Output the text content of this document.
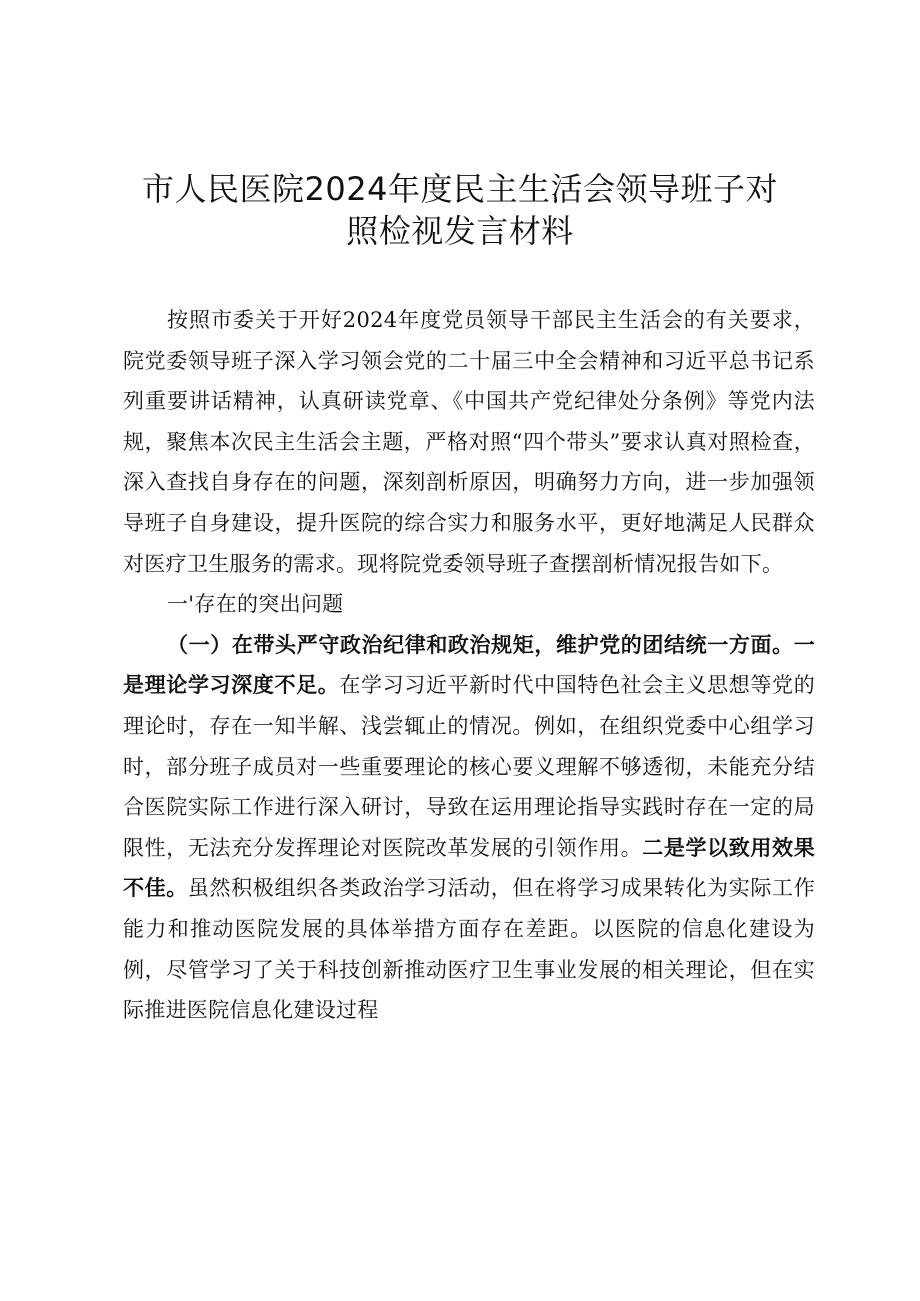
市人民医院2024年度民主生活会领导班子对
照检视发言材料

按照市委关于开好2024年度党员领导干部民主生活会的有关要求，院党委领导班子深入学习领会党的二十届三中全会精神和习近平总书记系列重要讲话精神，认真研读党章、《中国共产党纪律处分条例》等党内法规，聚焦本次民主生活会主题，严格对照“四个带头”要求认真对照检查，深入查找自身存在的问题，深刻剖析原因，明确努力方向，进一步加强领导班子自身建设，提升医院的综合实力和服务水平，更好地满足人民群众对医疗卫生服务的需求。现将院党委领导班子查摆剖析情况报告如下。

一'存在的突出问题

（一）在带头严守政治纪律和政治规矩，维护党的团结统一方面。一是理论学习深度不足。在学习习近平新时代中国特色社会主义思想等党的理论时，存在一知半解、浅尝辄止的情况。例如，在组织党委中心组学习时，部分班子成员对一些重要理论的核心要义理解不够透彻，未能充分结合医院实际工作进行深入研讨，导致在运用理论指导实践时存在一定的局限性，无法充分发挥理论对医院改革发展的引领作用。二是学以致用效果不佳。虽然积极组织各类政治学习活动，但在将学习成果转化为实际工作能力和推动医院发展的具体举措方面存在差距。以医院的信息化建设为例，尽管学习了关于科技创新推动医疗卫生事业发展的相关理论，但在实际推进医院信息化建设过程
